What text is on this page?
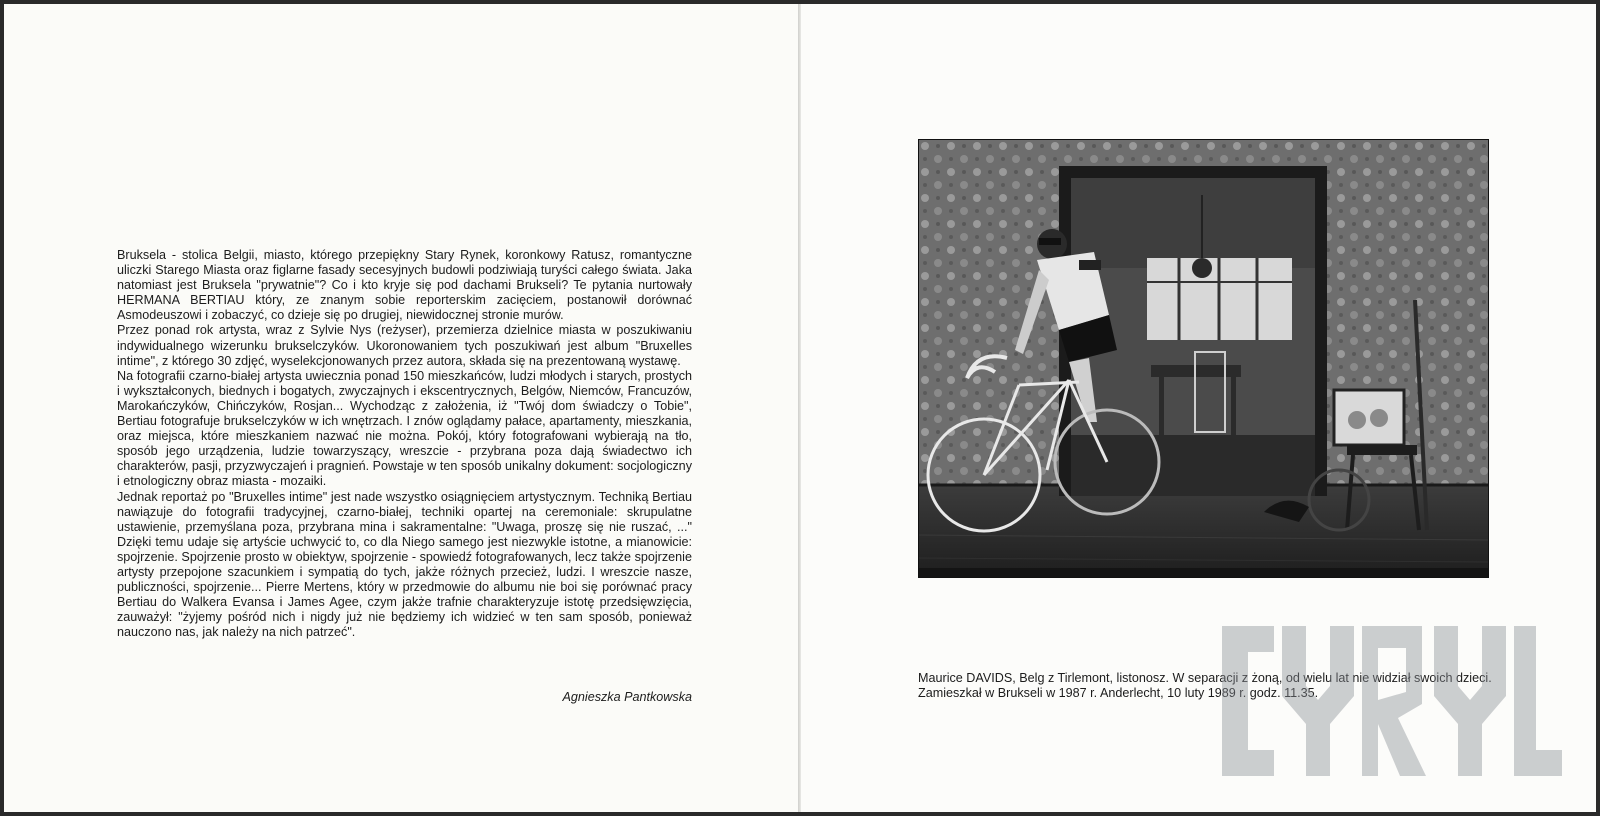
Bruksela - stolica Belgii, miasto, którego przepiękny Stary Rynek, koronkowy Ratusz, romantyczne uliczki Starego Miasta oraz figlarne fasady secesyjnych budowli podziwiają turyści całego świata. Jaka natomiast jest Bruksela "prywatnie"? Co i kto kryje się pod dachami Brukseli? Te pytania nurtowały HERMANA BERTIAU który, ze znanym sobie reporterskim zacięciem, postanowił dorównać Asmodeuszowi i zobaczyć, co dzieje się po drugiej, niewidocznej stronie murów.

Przez ponad rok artysta, wraz z Sylvie Nys (reżyser), przemierza dzielnice miasta w poszukiwaniu indywidualnego wizerunku brukselczyków. Ukoronowaniem tych poszukiwań jest album "Bruxelles intime", z którego 30 zdjęć, wyselekcjonowanych przez autora, składa się na prezentowaną wystawę.

Na fotografii czarno-białej artysta uwiecznia ponad 150 mieszkańców, ludzi młodych i starych, prostych i wykształconych, biednych i bogatych, zwyczajnych i ekscentrycznych, Belgów, Niemców, Francuzów, Marokańczyków, Chińczyków, Rosjan... Wychodząc z założenia, iż "Twój dom świadczy o Tobie", Bertiau fotografuje brukselczyków w ich wnętrzach. I znów oglądamy pałace, apartamenty, mieszkania, oraz miejsca, które mieszkaniem nazwać nie można. Pokój, który fotografowani wybierają na tło, sposób jego urządzenia, ludzie towarzyszący, wreszcie - przybrana poza dają świadectwo ich charakterów, pasji, przyzwyczajeń i pragnień. Powstaje w ten sposób unikalny dokument: socjologiczny i etnologiczny obraz miasta - mozaiki.

Jednak reportaż po "Bruxelles intime" jest nade wszystko osiągnięciem artystycznym. Techniką Bertiau nawiązuje do fotografii tradycyjnej, czarno-białej, techniki opartej na ceremoniale: skrupulatne ustawienie, przemyślana poza, przybrana mina i sakramentalne: "Uwaga, proszę się nie ruszać, ..." Dzięki temu udaje się artyście uchwycić to, co dla Niego samego jest niezwykle istotne, a mianowicie: spojrzenie. Spojrzenie prosto w obiektyw, spojrzenie - spowiedź fotografowanych, lecz także spojrzenie artysty przepojone szacunkiem i sympatią do tych, jakże różnych przecież, ludzi. I wreszcie nasze, publiczności, spojrzenie... Pierre Mertens, który w przedmowie do albumu nie boi się porównać pracy Bertiau do Walkera Evansa i James Agee, czym jakże trafnie charakteryzuje istotę przedsięwzięcia, zauważył: "żyjemy pośród nich i nigdy już nie będziemy ich widzieć w ten sam sposób, ponieważ nauczono nas, jak należy na nich patrzeć".

Agnieszka Pantkowska
Maurice DAVIDS, Belg z Tirlemont, listonosz. W separacji z żoną, od wielu lat nie widział swoich dzieci. Zamieszkał w Brukseli w 1987 r. Anderlecht, 10 luty 1989 r. godz. 11.35.
